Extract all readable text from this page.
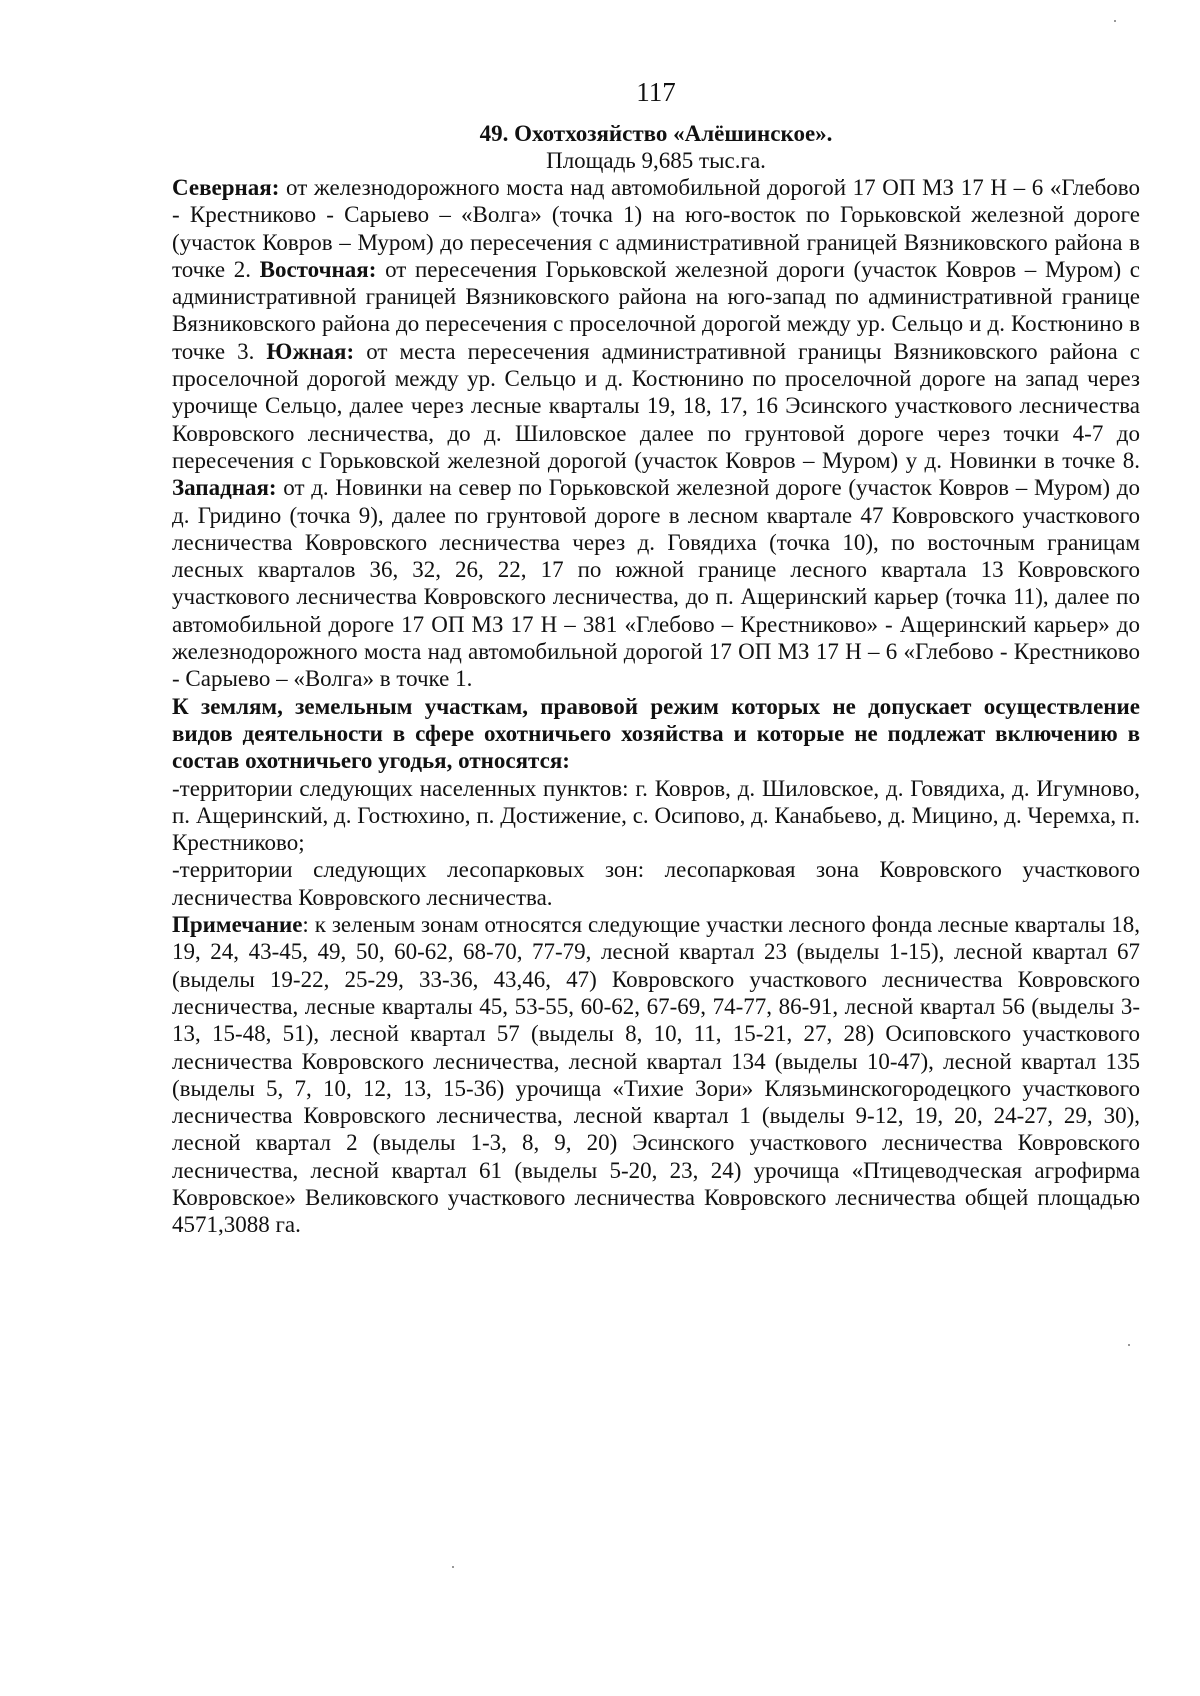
117
49. Охотхозяйство «Алёшинское».
Площадь 9,685 тыс.га.

Северная: от железнодорожного моста над автомобильной дорогой 17 ОП МЗ 17 Н – 6 «Глебово - Крестниково - Сарыево – «Волга» (точка 1) на юго-восток по Горьковской железной дороге (участок Ковров – Муром) до пересечения с административной границей Вязниковского района в точке 2. Восточная: от пересечения Горьковской железной дороги (участок Ковров – Муром) с административной границей Вязниковского района на юго-запад по административной границе Вязниковского района до пересечения с проселочной дорогой между ур. Сельцо и д. Костюнино в точке 3. Южная: от места пересечения административной границы Вязниковского района с проселочной дорогой между ур. Сельцо и д. Костюнино по проселочной дороге на запад через урочище Сельцо, далее через лесные кварталы 19, 18, 17, 16 Эсинского участкового лесничества Ковровского лесничества, до д. Шиловское далее по грунтовой дороге через точки 4-7 до пересечения с Горьковской железной дорогой (участок Ковров – Муром) у д. Новинки в точке 8. Западная: от д. Новинки на север по Горьковской железной дороге (участок Ковров – Муром) до д. Гридино (точка 9), далее по грунтовой дороге в лесном квартале 47 Ковровского участкового лесничества Ковровского лесничества через д. Говядиха (точка 10), по восточным границам лесных кварталов 36, 32, 26, 22, 17 по южной границе лесного квартала 13 Ковровского участкового лесничества Ковровского лесничества, до п. Ащеринский карьер (точка 11), далее по автомобильной дороге 17 ОП МЗ 17 Н – 381 «Глебово – Крестниково» - Ащеринский карьер» до железнодорожного моста над автомобильной дорогой 17 ОП МЗ 17 Н – 6 «Глебово - Крестниково - Сарыево – «Волга» в точке 1.

К землям, земельным участкам, правовой режим которых не допускает осуществление видов деятельности в сфере охотничьего хозяйства и которые не подлежат включению в состав охотничьего угодья, относятся:

-территории следующих населенных пунктов: г. Ковров, д. Шиловское, д. Говядиха, д. Игумново, п. Ащеринский, д. Гостюхино, п. Достижение, с. Осипово, д. Канабьево, д. Мицино, д. Черемха, п. Крестниково;

-территории следующих лесопарковых зон: лесопарковая зона Ковровского участкового лесничества Ковровского лесничества.

Примечание: к зеленым зонам относятся следующие участки лесного фонда лесные кварталы 18, 19, 24, 43-45, 49, 50, 60-62, 68-70, 77-79, лесной квартал 23 (выделы 1-15), лесной квартал 67 (выделы 19-22, 25-29, 33-36, 43,46, 47) Ковровского участкового лесничества Ковровского лесничества, лесные кварталы 45, 53-55, 60-62, 67-69, 74-77, 86-91, лесной квартал 56 (выделы 3-13, 15-48, 51), лесной квартал 57 (выделы 8, 10, 11, 15-21, 27, 28) Осиповского участкового лесничества Ковровского лесничества, лесной квартал 134 (выделы 10-47), лесной квартал 135 (выделы 5, 7, 10, 12, 13, 15-36) урочища «Тихие Зори» Клязьминскогородецкого участкового лесничества Ковровского лесничества, лесной квартал 1 (выделы 9-12, 19, 20, 24-27, 29, 30), лесной квартал 2 (выделы 1-3, 8, 9, 20) Эсинского участкового лесничества Ковровского лесничества, лесной квартал 61 (выделы 5-20, 23, 24) урочища «Птицеводческая агрофирма Ковровское» Великовского участкового лесничества Ковровского лесничества общей площадью 4571,3088 га.
